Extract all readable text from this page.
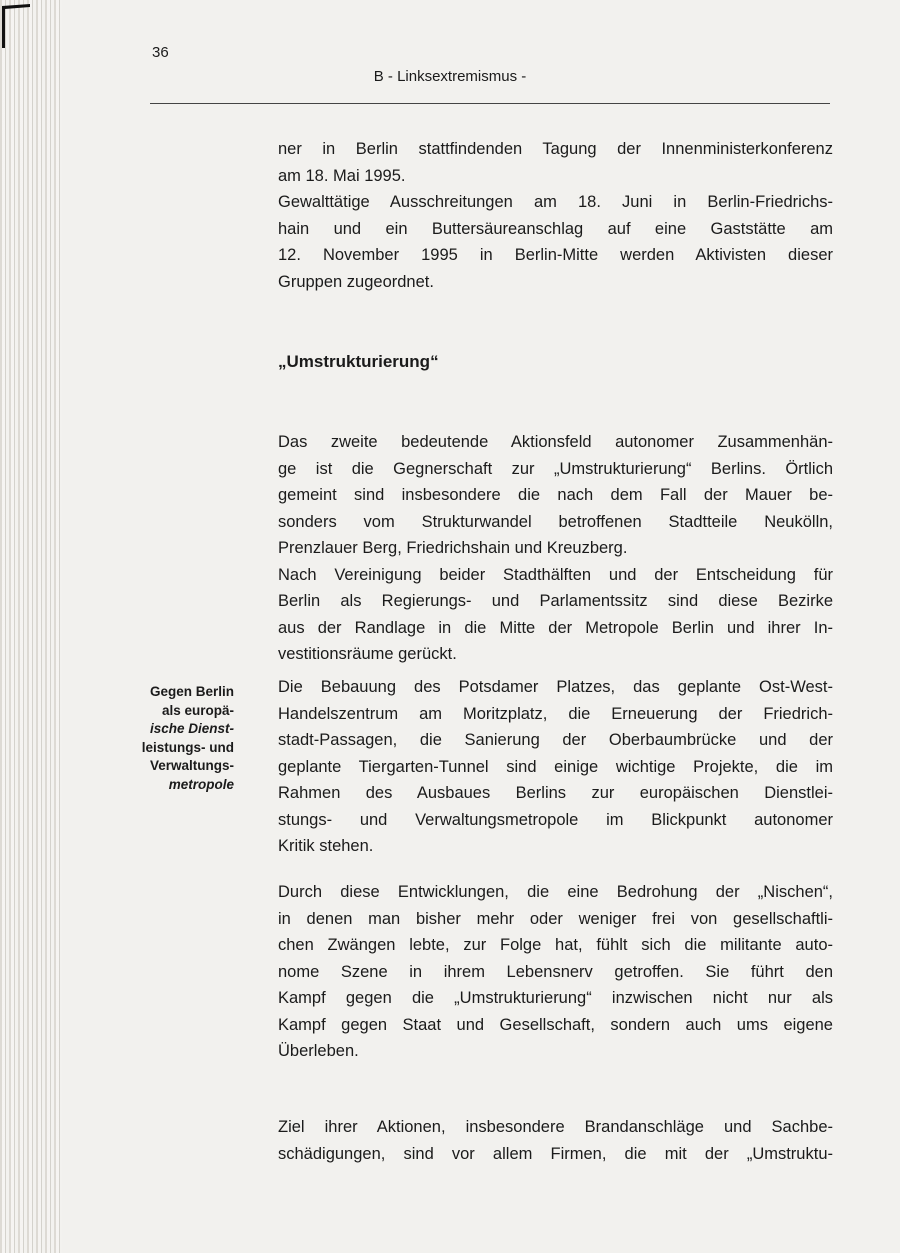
36
B - Linksextremismus -

ner in Berlin stattfindenden Tagung der Innenministerkonferenz
am 18. Mai 1995.
Gewalttätige Ausschreitungen am 18. Juni in Berlin-Friedrichs-
hain und ein Buttersäureanschlag auf eine Gaststätte am
12. November 1995 in Berlin-Mitte werden Aktivisten dieser
Gruppen zugeordnet.

„Umstrukturierung“

Das zweite bedeutende Aktionsfeld autonomer Zusammenhän-
ge ist die Gegnerschaft zur „Umstrukturierung“ Berlins. Örtlich
gemeint sind insbesondere die nach dem Fall der Mauer be-
sonders vom Strukturwandel betroffenen Stadtteile Neukölln,
Prenzlauer Berg, Friedrichshain und Kreuzberg.
Nach Vereinigung beider Stadthälften und der Entscheidung für
Berlin als Regierungs- und Parlamentssitz sind diese Bezirke
aus der Randlage in die Mitte der Metropole Berlin und ihrer In-
vestitionsräume gerückt.

Gegen Berlin
als europä-
ische Dienst-
leistungs- und
Verwaltungs-
metropole

Die Bebauung des Potsdamer Platzes, das geplante Ost-West-
Handelszentrum am Moritzplatz, die Erneuerung der Friedrich-
stadt-Passagen, die Sanierung der Oberbaumbrücke und der
geplante Tiergarten-Tunnel sind einige wichtige Projekte, die im
Rahmen des Ausbaues Berlins zur europäischen Dienstlei-
stungs- und Verwaltungsmetropole im Blickpunkt autonomer
Kritik stehen.

Durch diese Entwicklungen, die eine Bedrohung der „Nischen“,
in denen man bisher mehr oder weniger frei von gesellschaftli-
chen Zwängen lebte, zur Folge hat, fühlt sich die militante auto-
nome Szene in ihrem Lebensnerv getroffen. Sie führt den
Kampf gegen die „Umstrukturierung“ inzwischen nicht nur als
Kampf gegen Staat und Gesellschaft, sondern auch ums eigene
Überleben.

Ziel ihrer Aktionen, insbesondere Brandanschläge und Sachbe-
schädigungen, sind vor allem Firmen, die mit der „Umstruktu-
